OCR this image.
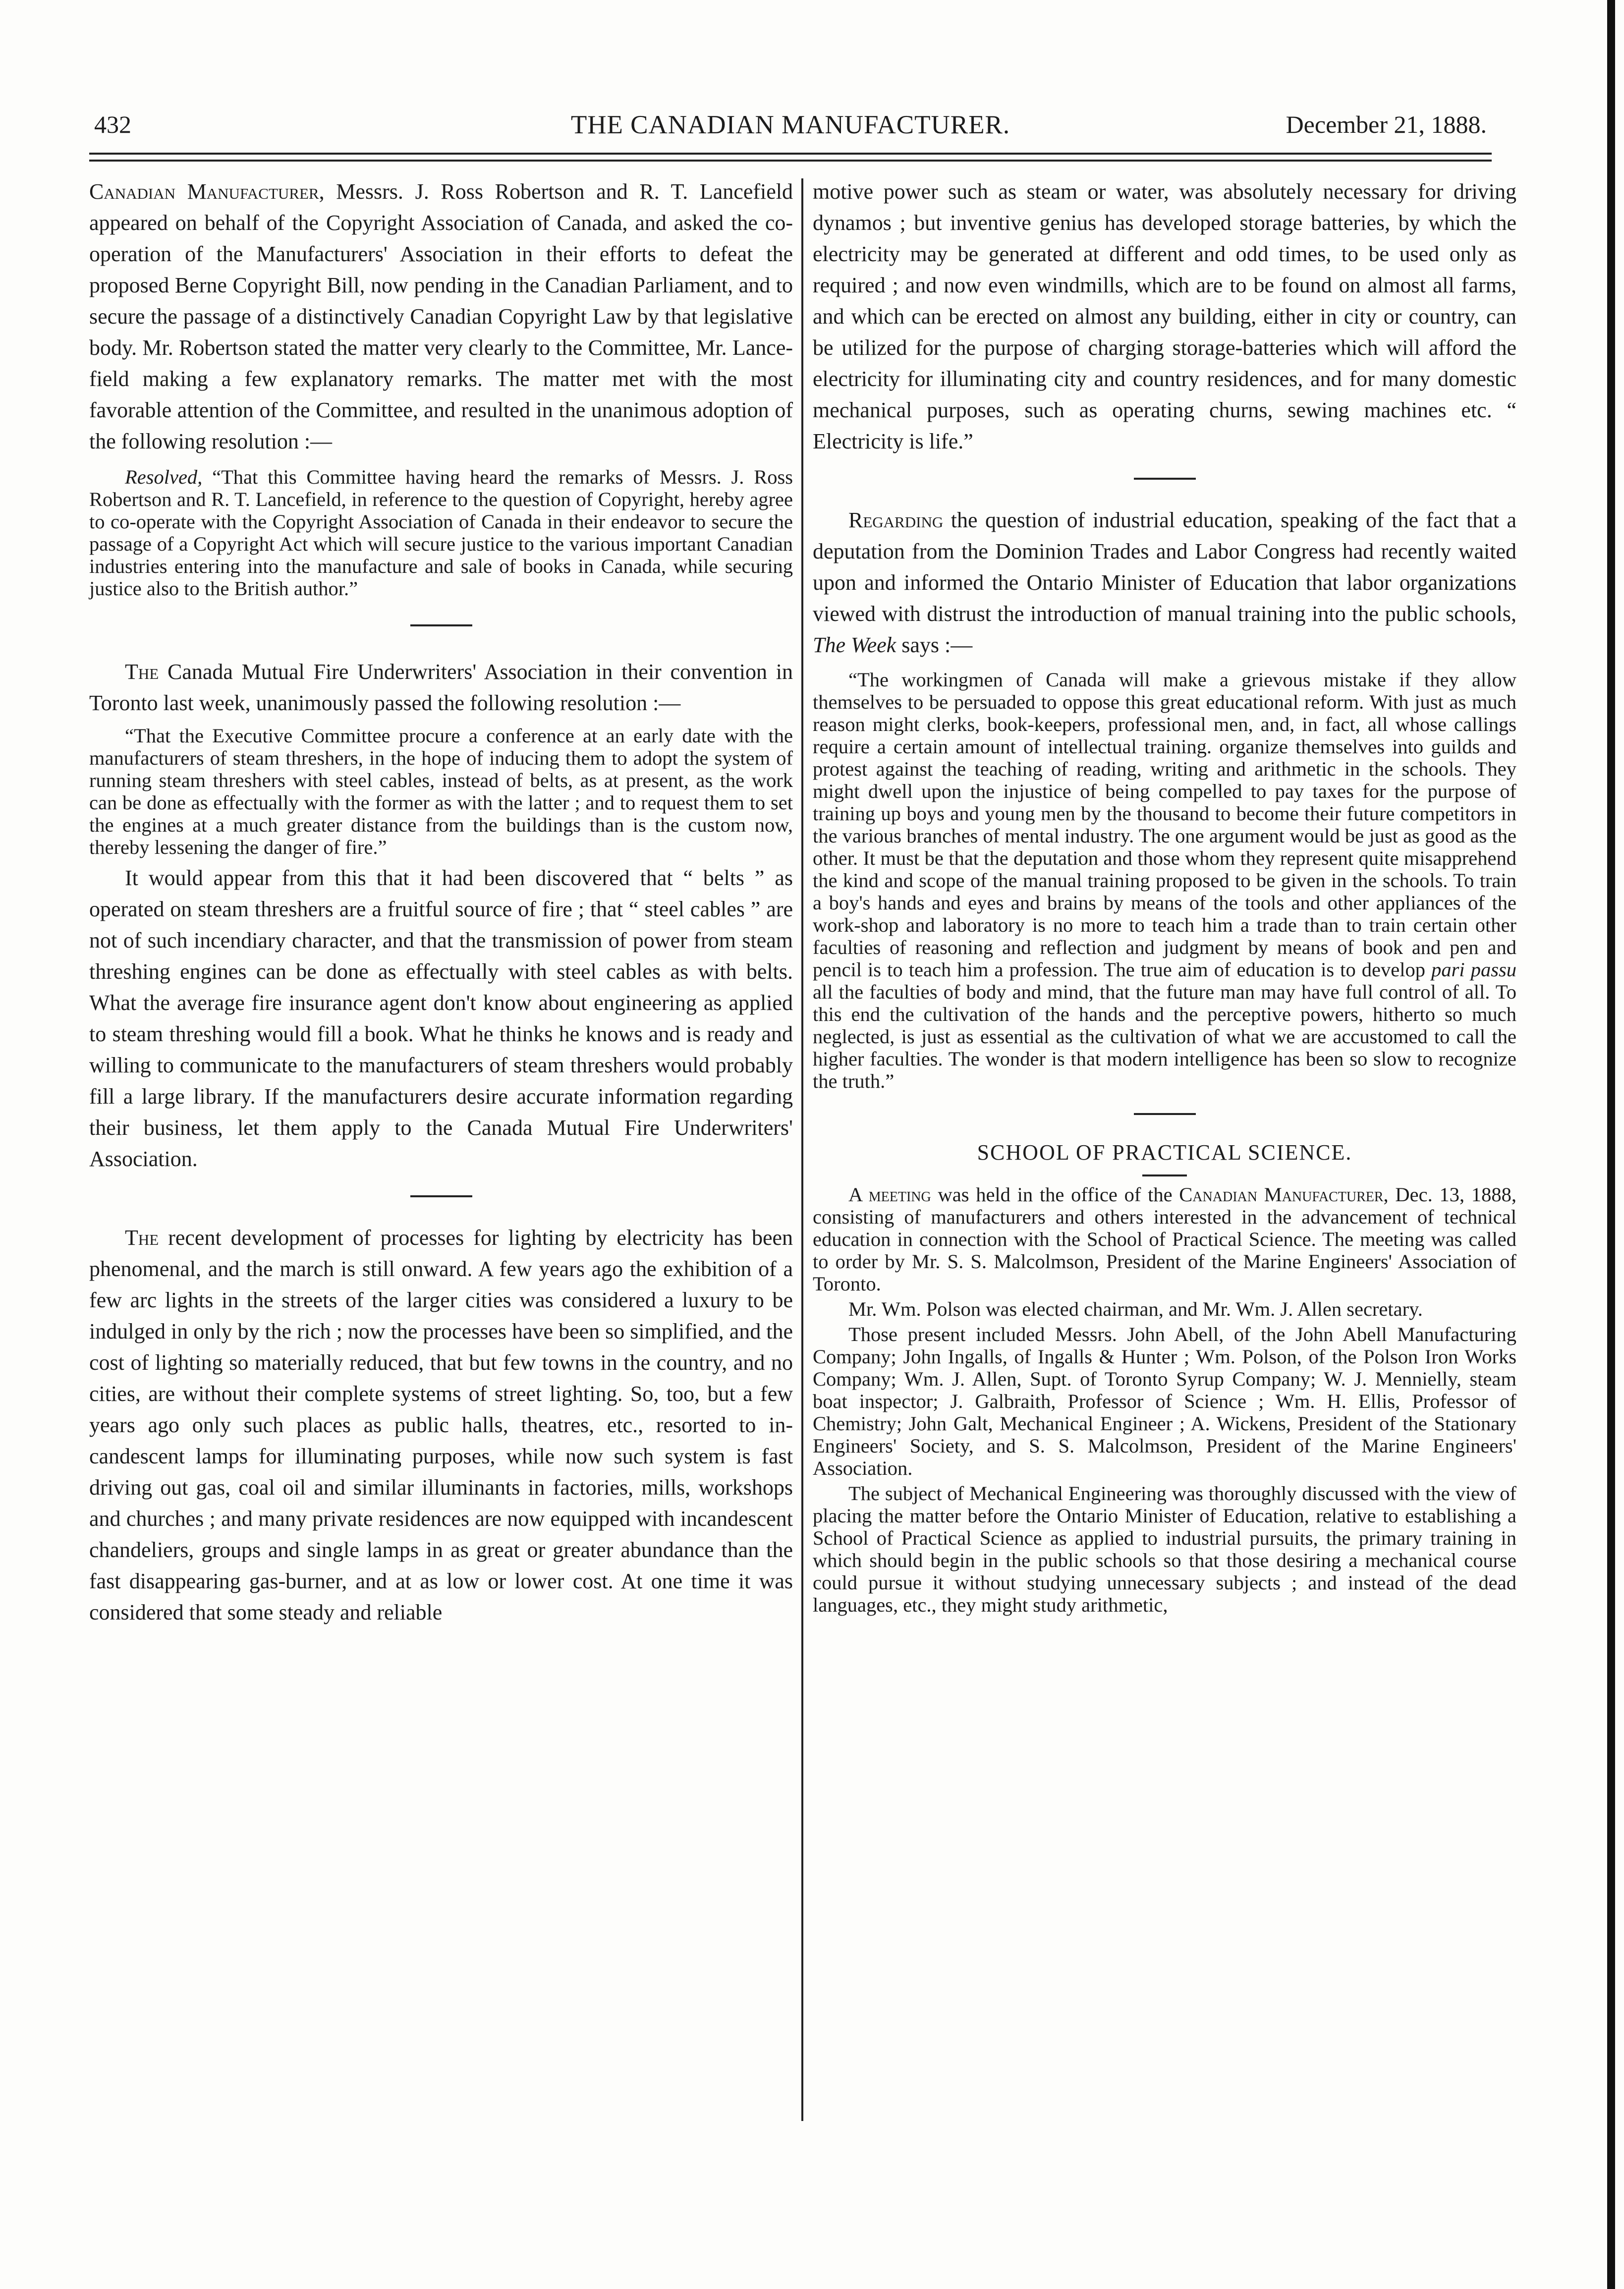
432	THE CANADIAN MANUFACTURER.	December 21, 1888.

Canadian Manufacturer, Messrs. J. Ross Robertson and R. T. Lancefield appeared on behalf of the Copyright Association of Canada, and asked the co-operation of the Manufacturers' Association in their efforts to defeat the proposed Berne Copyright Bill, now pending in the Canadian Parliament, and to secure the passage of a distinctively Canadian Copyright Law by that legislative body. Mr. Robertson stated the matter very clearly to the Committee, Mr. Lancefield making a few explanatory remarks. The matter met with the most favorable attention of the Committee, and resulted in the unanimous adoption of the following resolution :—

Resolved, “That this Committee having heard the remarks of Messrs. J. Ross Robertson and R. T. Lancefield, in reference to the question of Copyright, hereby agree to co-operate with the Copyright Association of Canada in their endeavor to secure the passage of a Copyright Act which will secure justice to the various important Canadian industries entering into the manufacture and sale of books in Canada, while securing justice also to the British author.”

The Canada Mutual Fire Underwriters' Association in their convention in Toronto last week, unanimously passed the following resolution :—

“That the Executive Committee procure a conference at an early date with the manufacturers of steam threshers, in the hope of inducing them to adopt the system of running steam threshers with steel cables, instead of belts, as at present, as the work can be done as effectually with the former as with the latter ; and to request them to set the engines at a much greater distance from the buildings than is the custom now, thereby lessening the danger of fire.”

It would appear from this that it had been discovered that “ belts ” as operated on steam threshers are a fruitful source of fire ; that “ steel cables ” are not of such incendiary character, and that the transmission of power from steam threshing engines can be done as effectually with steel cables as with belts. What the average fire insurance agent don't know about engineering as applied to steam threshing would fill a book. What he thinks he knows and is ready and willing to communicate to the manufacturers of steam threshers would probably fill a large library. If the manufacturers desire accurate information regarding their business, let them apply to the Canada Mutual Fire Underwriters' Association.

The recent development of processes for lighting by electricity has been phenomenal, and the march is still onward. A few years ago the exhibition of a few arc lights in the streets of the larger cities was considered a luxury to be indulged in only by the rich ; now the processes have been so simplified, and the cost of lighting so materially reduced, that but few towns in the country, and no cities, are without their complete systems of street lighting. So, too, but a few years ago only such places as public halls, theatres, etc., resorted to incandescent lamps for illuminating purposes, while now such system is fast driving out gas, coal oil and similar illuminants in factories, mills, workshops and churches ; and many private residences are now equipped with incandescent chandeliers, groups and single lamps in as great or greater abundance than the fast disappearing gas-burner, and at as low or lower cost. At one time it was considered that some steady and reliable

motive power such as steam or water, was absolutely necessary for driving dynamos ; but inventive genius has developed storage batteries, by which the electricity may be generated at different and odd times, to be used only as required ; and now even windmills, which are to be found on almost all farms, and which can be erected on almost any building, either in city or country, can be utilized for the purpose of charging storage-batteries which will afford the electricity for illuminating city and country residences, and for many domestic mechanical purposes, such as operating churns, sewing machines etc. “ Electricity is life.”

Regarding the question of industrial education, speaking of the fact that a deputation from the Dominion Trades and Labor Congress had recently waited upon and informed the Ontario Minister of Education that labor organizations viewed with distrust the introduction of manual training into the public schools, The Week says :—

“The workingmen of Canada will make a grievous mistake if they allow themselves to be persuaded to oppose this great educational reform. With just as much reason might clerks, book-keepers, professional men, and, in fact, all whose callings require a certain amount of intellectual training. organize themselves into guilds and protest against the teaching of reading, writing and arithmetic in the schools. They might dwell upon the injustice of being compelled to pay taxes for the purpose of training up boys and young men by the thousand to become their future competitors in the various branches of mental industry. The one argument would be just as good as the other. It must be that the deputation and those whom they represent quite misapprehend the kind and scope of the manual training proposed to be given in the schools. To train a boy's hands and eyes and brains by means of the tools and other appliances of the work-shop and laboratory is no more to teach him a trade than to train certain other faculties of reasoning and reflection and judgment by means of book and pen and pencil is to teach him a profession. The true aim of education is to develop pari passu all the faculties of body and mind, that the future man may have full control of all. To this end the cultivation of the hands and the perceptive powers, hitherto so much neglected, is just as essential as the cultivation of what we are accustomed to call the higher faculties. The wonder is that modern intelligence has been so slow to recognize the truth.”

SCHOOL OF PRACTICAL SCIENCE.

A meeting was held in the office of the Canadian Manufacturer, Dec. 13, 1888, consisting of manufacturers and others interested in the advancement of technical education in connection with the School of Practical Science. The meeting was called to order by Mr. S. S. Malcolmson, President of the Marine Engineers' Association of Toronto.

Mr. Wm. Polson was elected chairman, and Mr. Wm. J. Allen secretary.

Those present included Messrs. John Abell, of the John Abell Manufacturing Company; John Ingalls, of Ingalls & Hunter ; Wm. Polson, of the Polson Iron Works Company; Wm. J. Allen, Supt. of Toronto Syrup Company; W. J. Mennielly, steam boat inspector; J. Galbraith, Professor of Science ; Wm. H. Ellis, Professor of Chemistry; John Galt, Mechanical Engineer ; A. Wickens, President of the Stationary Engineers' Society, and S. S. Malcolmson, President of the Marine Engineers' Association.

The subject of Mechanical Engineering was thoroughly discussed with the view of placing the matter before the Ontario Minister of Education, relative to establishing a School of Practical Science as applied to industrial pursuits, the primary training in which should begin in the public schools so that those desiring a mechanical course could pursue it without studying unnecessary subjects ; and instead of the dead languages, etc., they might study arithmetic,
